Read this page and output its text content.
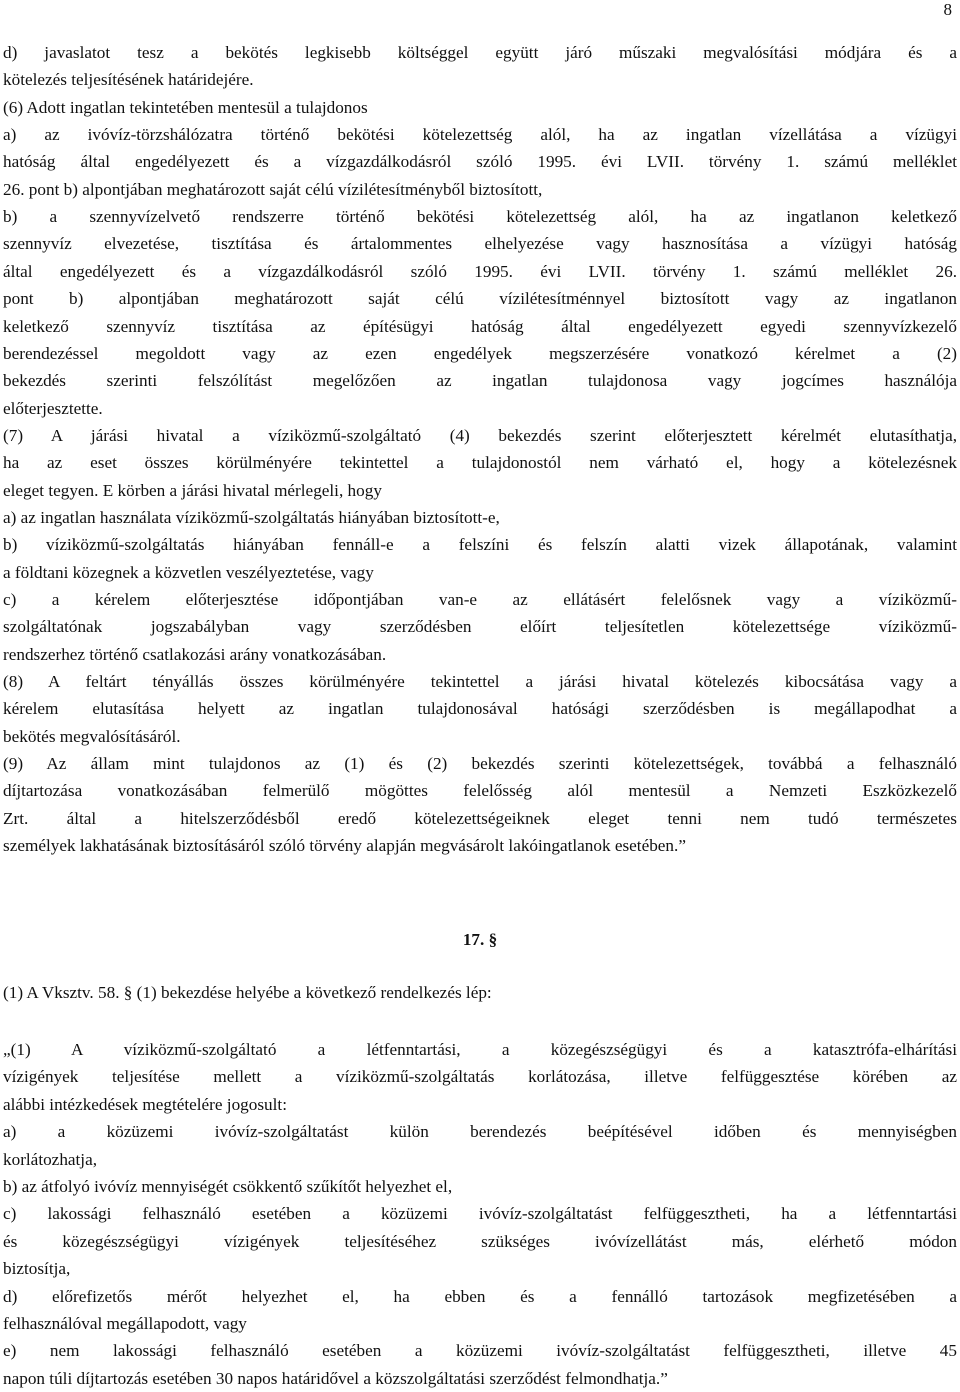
8
d) javaslatot tesz a bekötés legkisebb költséggel együtt járó műszaki megvalósítási módjára és a
kötelezés teljesítésének határidejére.
(6) Adott ingatlan tekintetében mentesül a tulajdonos
a) az ivóvíz-törzshálózatra történő bekötési kötelezettség alól, ha az ingatlan vízellátása a vízügyi
hatóság által engedélyezett és a vízgazdálkodásról szóló 1995. évi LVII. törvény 1. számú melléklet
26. pont b) alpontjában meghatározott saját célú vízilétesítményből biztosított,
b) a szennyvízelvető rendszerre történő bekötési kötelezettség alól, ha az ingatlanon keletkező
szennyvíz elvezetése, tisztítása és ártalommentes elhelyezése vagy hasznosítása a vízügyi hatóság
által engedélyezett és a vízgazdálkodásról szóló 1995. évi LVII. törvény 1. számú melléklet 26.
pont b) alpontjában meghatározott saját célú vízilétesítménnyel biztosított vagy az ingatlanon
keletkező szennyvíz tisztítása az építésügyi hatóság által engedélyezett egyedi szennyvízkezelő
berendezéssel megoldott vagy az ezen engedélyek megszerzésére vonatkozó kérelmet a (2)
bekezdés szerinti felszólítást megelőzően az ingatlan tulajdonosa vagy jogcímes használója
előterjesztette.
(7) A járási hivatal a víziközmű-szolgáltató (4) bekezdés szerint előterjesztett kérelmét elutasíthatja,
ha az eset összes körülményére tekintettel a tulajdonostól nem várható el, hogy a kötelezésnek
eleget tegyen. E körben a járási hivatal mérlegeli, hogy
a) az ingatlan használata víziközmű-szolgáltatás hiányában biztosított-e,
b) víziközmű-szolgáltatás hiányában fennáll-e a felszíni és felszín alatti vizek állapotának, valamint
a földtani közegnek a közvetlen veszélyeztetése, vagy
c) a kérelem előterjesztése időpontjában van-e az ellátásért felelősnek vagy a víziközmű-
szolgáltatónak jogszabályban vagy szerződésben előírt teljesítetlen kötelezettsége víziközmű-
rendszerhez történő csatlakozási arány vonatkozásában.
(8) A feltárt tényállás összes körülményére tekintettel a járási hivatal kötelezés kibocsátása vagy a
kérelem elutasítása helyett az ingatlan tulajdonosával hatósági szerződésben is megállapodhat a
bekötés megvalósításáról.
(9) Az állam mint tulajdonos az (1) és (2) bekezdés szerinti kötelezettségek, továbbá a felhasználó
díjtartozása vonatkozásában felmerülő mögöttes felelősség alól mentesül a Nemzeti Eszközkezelő
Zrt. által a hitelszerződésből eredő kötelezettségeiknek eleget tenni nem tudó természetes
személyek lakhatásának biztosításáról szóló törvény alapján megvásárolt lakóingatlanok esetében.”
17. §
(1) A Vksztv. 58. § (1) bekezdése helyébe a következő rendelkezés lép:
„(1) A víziközmű-szolgáltató a létfenntartási, a közegészségügyi és a katasztrófa-elhárítási
vízigények teljesítése mellett a víziközmű-szolgáltatás korlátozása, illetve felfüggesztése körében az
alábbi intézkedések megtételére jogosult:
a) a közüzemi ivóvíz-szolgáltatást külön berendezés beépítésével időben és mennyiségben
korlátozhatja,
b) az átfolyó ivóvíz mennyiségét csökkentő szűkítőt helyezhet el,
c) lakossági felhasználó esetében a közüzemi ivóvíz-szolgáltatást felfüggesztheti, ha a létfenntartási
és közegészségügyi vízigények teljesítéséhez szükséges ivóvízellátást más, elérhető módon
biztosítja,
d) előrefizetős mérőt helyezhet el, ha ebben és a fennálló tartozások megfizetésében a
felhasználóval megállapodott, vagy
e) nem lakossági felhasználó esetében a közüzemi ivóvíz-szolgáltatást felfüggesztheti, illetve 45
napon túli díjtartozás esetében 30 napos határidővel a közszolgáltatási szerződést felmondhatja.”
